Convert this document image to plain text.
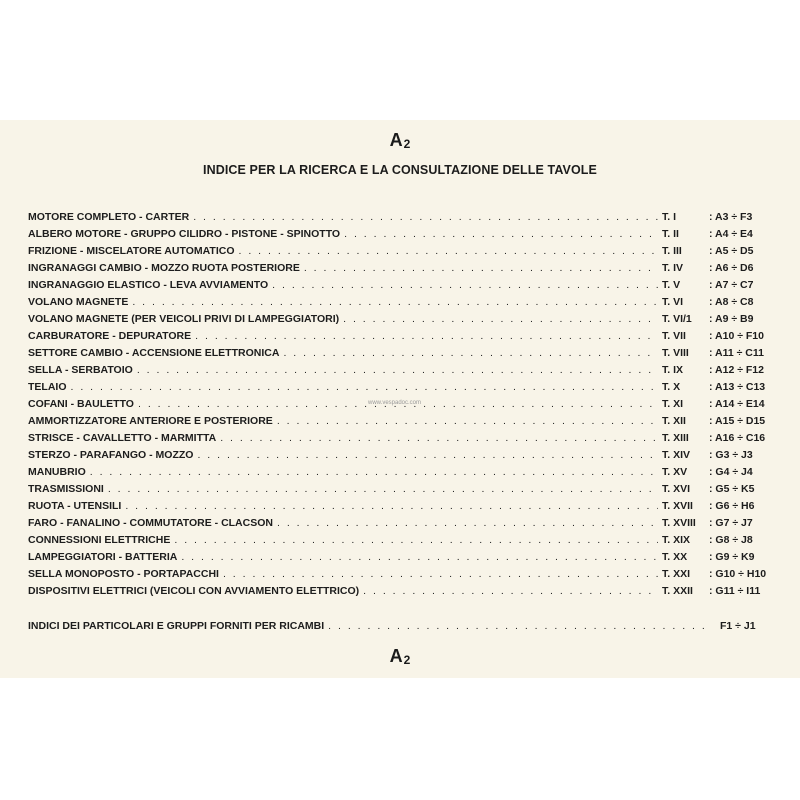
A2
INDICE PER LA RICERCA E LA CONSULTAZIONE DELLE TAVOLE
www.vespadoc.com
MOTORE COMPLETO - CARTER . . .	T. I	: A3 ÷ F3
ALBERO MOTORE - GRUPPO CILIDRO - PISTONE - SPINOTTO . . .	T. II	: A4 ÷ E4
FRIZIONE - MISCELATORE AUTOMATICO . . .	T. III	: A5 ÷ D5
INGRANAGGI CAMBIO - MOZZO RUOTA POSTERIORE . . .	T. IV : A6 ÷ D6
INGRANAGGIO ELASTICO - LEVA AVVIAMENTO . . .	T. V	: A7 ÷ C7
VOLANO MAGNETE . . .	T. VI : A8 ÷ C8
VOLANO MAGNETE (PER VEICOLI PRIVI DI LAMPEGGIATORI) . . .	T. VI/1 : A9 ÷ B9
CARBURATORE - DEPURATORE . . .	T. VII : A10 ÷ F10
SETTORE CAMBIO - ACCENSIONE ELETTRONICA . . .	T. VIII : A11 ÷ C11
SELLA - SERBATOIO . . .	T. IX : A12 ÷ F12
TELAIO . . .	T. X	: A13 ÷ C13
COFANI - BAULETTO . . .	T. XI : A14 ÷ E14
AMMORTIZZATORE ANTERIORE E POSTERIORE . . .	T. XII : A15 ÷ D15
STRISCE - CAVALLETTO - MARMITTA . . .	T. XIII : A16 ÷ C16
STERZO - PARAFANGO - MOZZO . . .	T. XIV : G3 ÷ J3
MANUBRIO . . .	T. XV : G4 ÷ J4
TRASMISSIONI . . .	T. XVI : G5 ÷ K5
RUOTA - UTENSILI . . .	T. XVII : G6 ÷ H6
FARO - FANALINO - COMMUTATORE - CLACSON . . .	T. XVIII : G7 ÷ J7
CONNESSIONI ELETTRICHE . . .	T. XIX : G8 ÷ J8
LAMPEGGIATORI - BATTERIA . . .	T. XX : G9 ÷ K9
SELLA MONOPOSTO - PORTAPACCHI . . .	T. XXI : G10 ÷ H10
DISPOSITIVI ELETTRICI (VEICOLI CON AVVIAMENTO ELETTRICO) . . .	T. XXII : G11 ÷ I11
INDICI DEI PARTICOLARI E GRUPPI FORNITI PER RICAMBI . . .	F1 ÷ J1
A2
